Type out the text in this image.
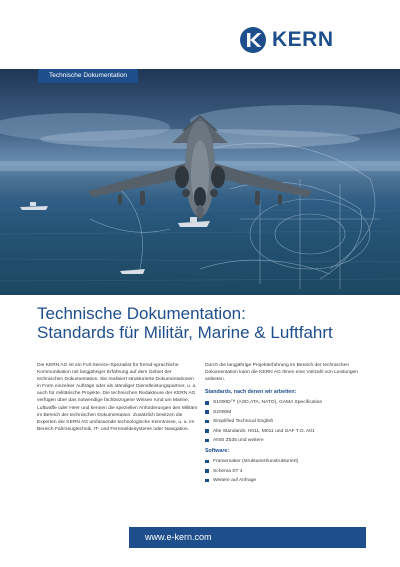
KERN
Technische Dokumentation
Technische Dokumentation:
Standards für Militär, Marine & Luftfahrt

Die KERN AG ist ein Full-Service-Spezialist für fremd-sprachliche Kommunikation mit langjähriger Erfahrung auf dem Gebiet der technischen Dokumentation. Sie realisiert strukturierte Dokumentationen in Form einzelner Aufträge oder als ständiger Dienstleistungspartner, u. a. auch für militärische Projekte. Die technischen Redakteure der KERN AG verfügen über das notwendige fachbezogene Wissen rund um Marine, Luftwaffe oder Heer und kennen die speziellen Anforderungen des Militärs im Bereich der technischen Dokumentation. Zusätzlich besitzen die Experten der KERN AG umfassende technologische Kenntnisse, u. a. im Bereich Fahrzeugtechnik, IT- und Fernmeldesysteme oder Navigation.

Durch die langjährige Projekterfahrung im Bereich der technischen Dokumentation kann die KERN AG Ihnen eine Vielzahl von Leistungen anbieten.

Standards, nach denen wir arbeiten:
S1000D™ (ASD,ATA, NATO), GAMA Specification
S2000M
Simplified Technical English
Alte Standards: H011, M011 und GAF T.O. A01
ANSI Z535 und weitere
Software:
Framemaker (strukturiert/unstrukturiert)
Schema ST 4
Weitere auf Anfrage
www.e-kern.com
